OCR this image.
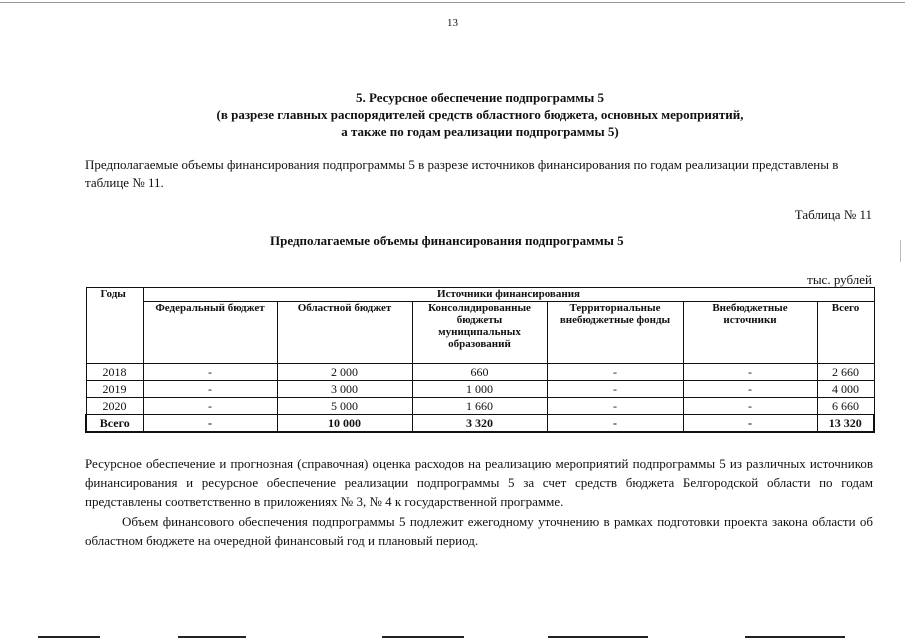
13
5. Ресурсное обеспечение подпрограммы 5
(в разрезе главных распорядителей средств областного бюджета, основных мероприятий,
а также по годам реализации подпрограммы 5)
Предполагаемые объемы финансирования подпрограммы 5 в разрезе источников финансирования по годам реализации представлены в таблице № 11.
Таблица № 11
Предполагаемые объемы финансирования подпрограммы 5
тыс. рублей
Годы	Источники финансирования					
	Федеральный бюджет	Областной бюджет	Консолидированные бюджеты муниципальных образований	Территориальные внебюджетные фонды	Внебюджетные источники	Всего
2018	-	2 000	660	-	-	2 660
2019	-	3 000	1 000	-	-	4 000
2020	-	5 000	1 660	-	-	6 660
Всего	-	10 000	3 320	-	-	13 320
Ресурсное обеспечение и прогнозная (справочная) оценка расходов на реализацию мероприятий подпрограммы 5 из различных источников финансирования и ресурсное обеспечение реализации подпрограммы 5 за счет средств бюджета Белгородской области по годам представлены соответственно в приложениях № 3, № 4 к государственной программе.
Объем финансового обеспечения подпрограммы 5 подлежит ежегодному уточнению в рамках подготовки проекта закона области об областном бюджете на очередной финансовый год и плановый период.
